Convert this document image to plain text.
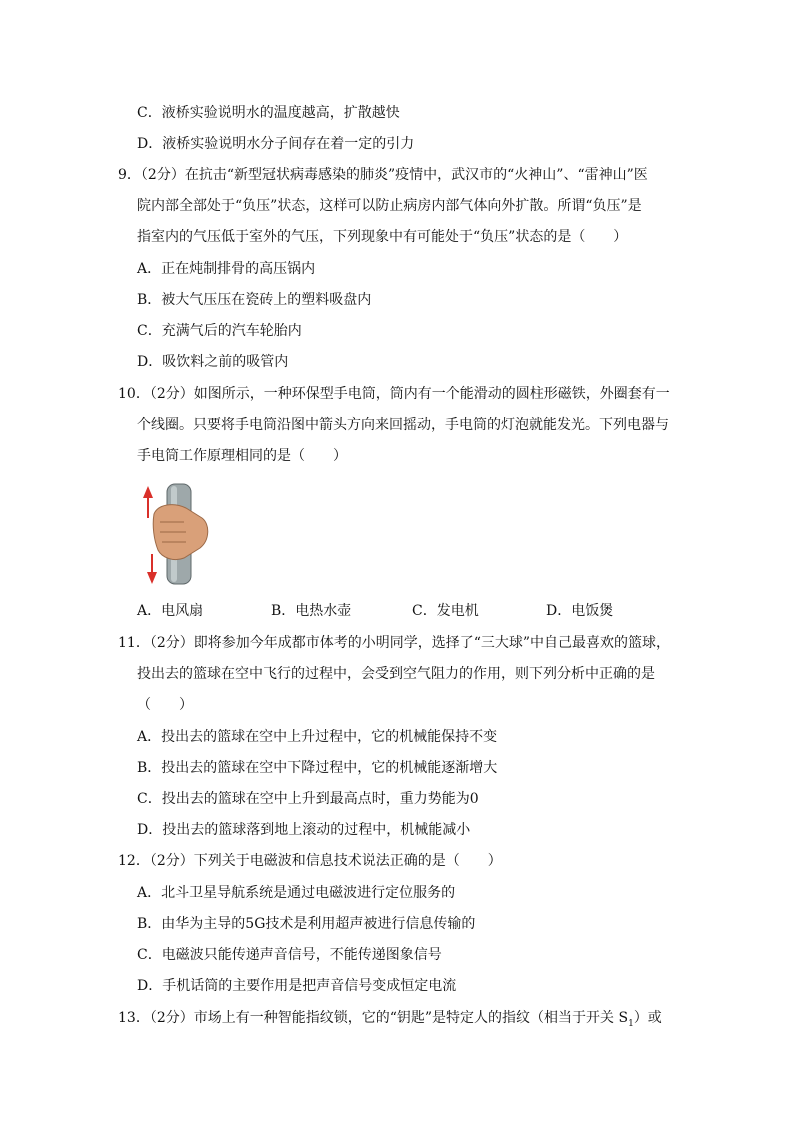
C．液桥实验说明水的温度越高，扩散越快
D．液桥实验说明水分子间存在着一定的引力
9．（2分）在抗击“新型冠状病毒感染的肺炎”疫情中，武汉市的“火神山”、“雷神山”医
院内部全部处于“负压”状态，这样可以防止病房内部气体向外扩散。所谓“负压”是
指室内的气压低于室外的气压，下列现象中有可能处于“负压”状态的是（　　）
A．正在炖制排骨的高压锅内
B．被大气压压在瓷砖上的塑料吸盘内
C．充满气后的汽车轮胎内
D．吸饮料之前的吸管内
10．（2分）如图所示，一种环保型手电筒，筒内有一个能滑动的圆柱形磁铁，外圈套有一
个线圈。只要将手电筒沿图中箭头方向来回摇动，手电筒的灯泡就能发光。下列电器与
手电筒工作原理相同的是（　　）
A．电风扇	B．电热水壶	C．发电机	D．电饭煲
11．（2分）即将参加今年成都市体考的小明同学，选择了“三大球”中自己最喜欢的篮球，
投出去的篮球在空中飞行的过程中，会受到空气阻力的作用，则下列分析中正确的是
（　　）
A．投出去的篮球在空中上升过程中，它的机械能保持不变
B．投出去的篮球在空中下降过程中，它的机械能逐渐增大
C．投出去的篮球在空中上升到最高点时，重力势能为0
D．投出去的篮球落到地上滚动的过程中，机械能减小
12．（2分）下列关于电磁波和信息技术说法正确的是（　　）
A．北斗卫星导航系统是通过电磁波进行定位服务的
B．由华为主导的5G技术是利用超声被进行信息传输的
C．电磁波只能传递声音信号，不能传递图象信号
D．手机话筒的主要作用是把声音信号变成恒定电流
13．（2分）市场上有一种智能指纹锁，它的“钥匙”是特定人的指纹（相当于开关 $S_1$）或
